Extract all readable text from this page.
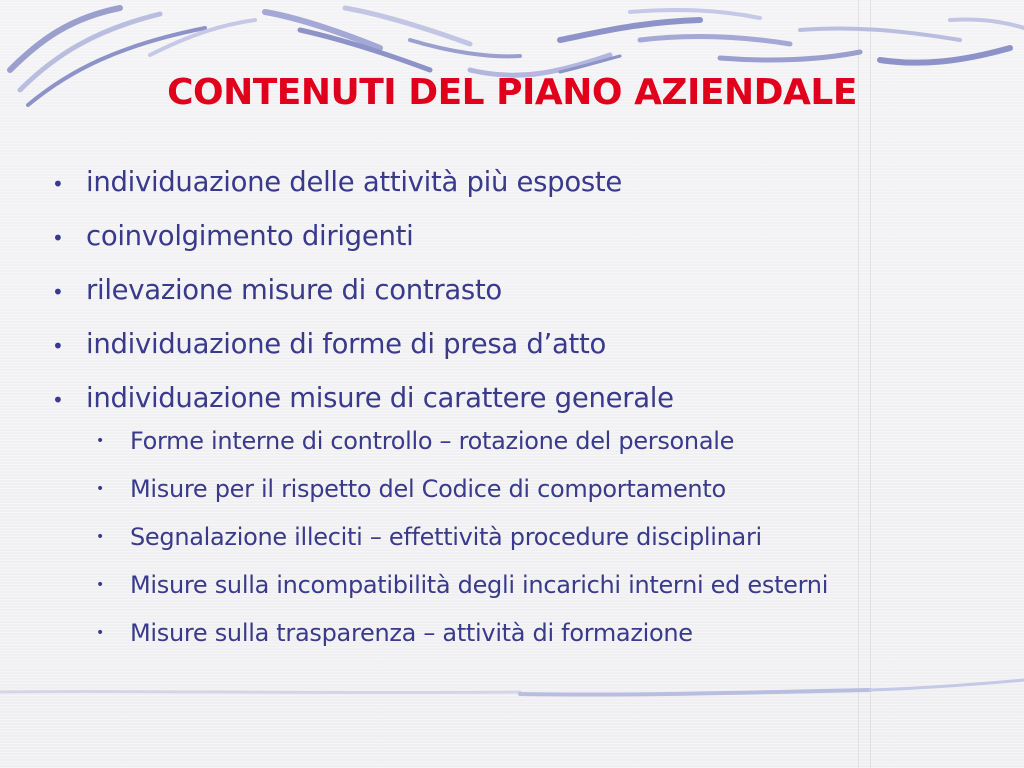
CONTENUTI DEL PIANO AZIENDALE
• individuazione delle attività più esposte
• coinvolgimento dirigenti
• rilevazione misure di contrasto
• individuazione di forme di presa d’atto
• individuazione misure di carattere generale
•	Forme interne di controllo – rotazione del personale
•	Misure per il rispetto del Codice di comportamento
•	Segnalazione illeciti – effettività procedure disciplinari
•	Misure sulla incompatibilità degli incarichi interni ed esterni
•	Misure sulla trasparenza – attività di formazione
